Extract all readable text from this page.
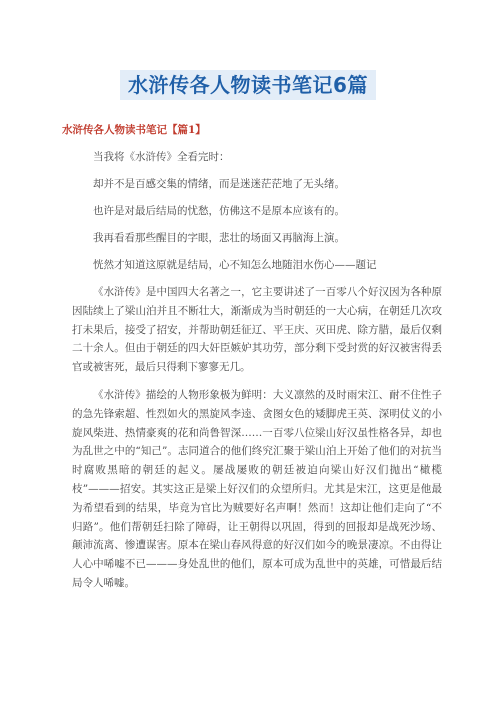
水浒传各人物读书笔记6篇
水浒传各人物读书笔记【篇1】
当我将《水浒传》全看完时：
却并不是百感交集的情绪，而是迷迷茫茫地了无头绪。
也许是对最后结局的忧愁，仿佛这不是原本应该有的。
我再看看那些醒目的字眼，悲壮的场面又再脑海上演。
恍然才知道这原就是结局，心不知怎么地随泪水伤心——题记
《水浒传》是中国四大名著之一，它主要讲述了一百零八个好汉因为各种原因陆续上了梁山泊并且不断壮大，渐渐成为当时朝廷的一大心病，在朝廷几次攻打未果后，接受了招安，并帮助朝廷征辽、平王庆、灭田虎、除方腊，最后仅剩二十余人。但由于朝廷的四大奸臣嫉妒其功劳，部分剩下受封赏的好汉被害得丢官或被害死，最后只得剩下寥寥无几。
《水浒传》描绘的人物形象极为鲜明：大义凛然的及时雨宋江、耐不住性子的急先锋索超、性烈如火的黑旋风李逵、贪图女色的矮脚虎王英、深明仗义的小旋风柴进、热情豪爽的花和尚鲁智深……一百零八位梁山好汉虽性格各异，却也为乱世之中的“知己”。志同道合的他们终究汇聚于梁山泊上开始了他们的对抗当时腐败黑暗的朝廷的起义。屡战屡败的朝廷被迫向梁山好汉们抛出“橄榄枝”———招安。其实这正是梁上好汉们的众望所归。尤其是宋江，这更是他最为希望看到的结果，毕竟为官比为贼要好名声啊！然而！这却让他们走向了“不归路”。他们帮朝廷扫除了障碍，让王朝得以巩固，得到的回报却是战死沙场、颠沛流离、惨遭谋害。原本在梁山春风得意的好汉们如今的晚景凄凉。不由得让人心中唏嘘不已———身处乱世的他们，原本可成为乱世中的英雄，可惜最后结局令人唏嘘。
